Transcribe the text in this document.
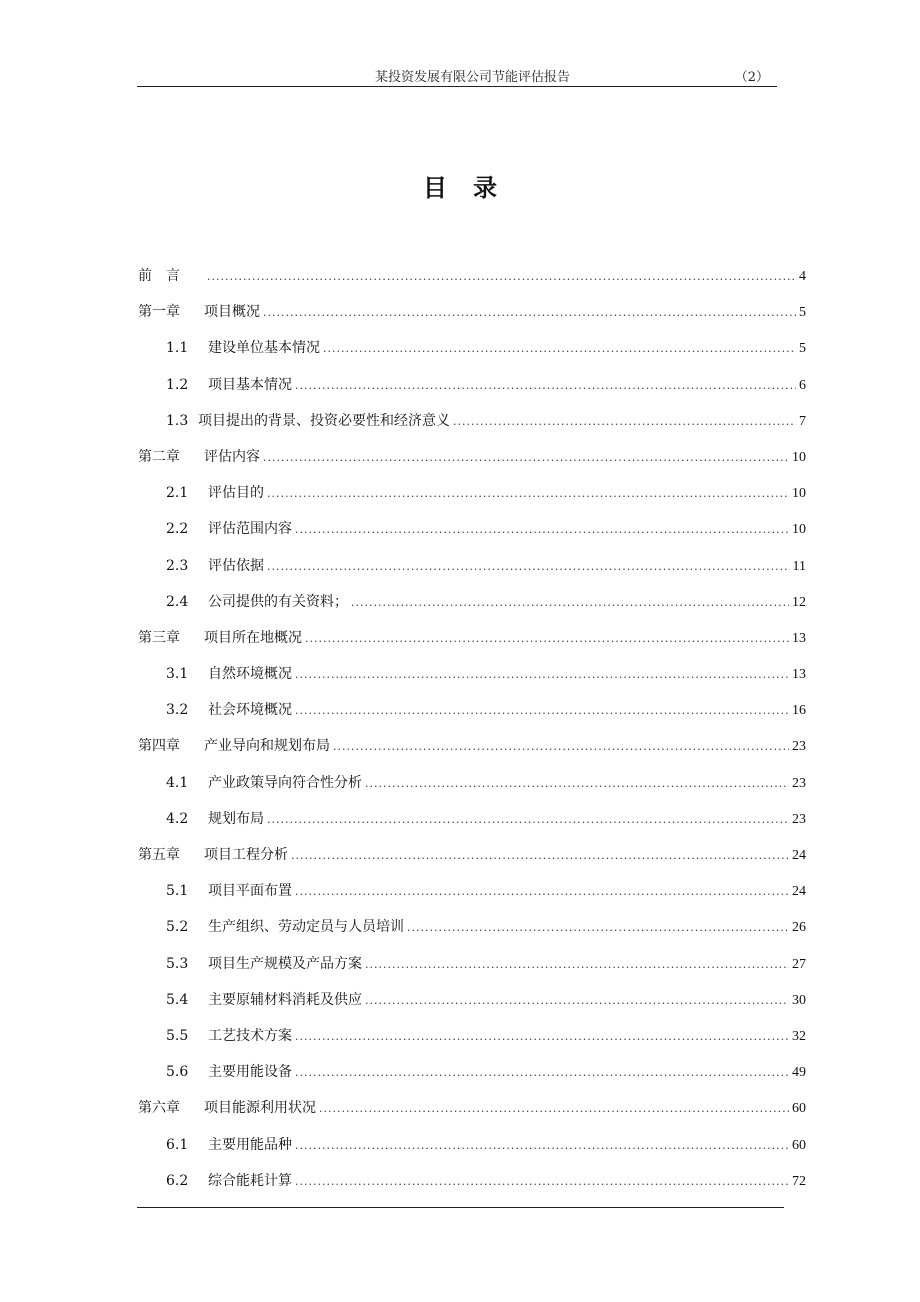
某投资发展有限公司节能评估报告	（2）
目录
前　言 .....	4
第一章	项目概况 .....	5
1.1	建设单位基本情况 .....	5
1.2	项目基本情况 .....	6
1.3 项目提出的背景、投资必要性和经济意义 .....	7
第二章	评估内容 .....	10
2.1	评估目的 .....	10
2.2	评估范围内容 .....	10
2.3	评估依据 .....	11
2.4	公司提供的有关资料； .....	12
第三章	项目所在地概况 .....	13
3.1	自然环境概况 .....	13
3.2	社会环境概况 .....	16
第四章	产业导向和规划布局 .....	23
4.1	产业政策导向符合性分析 .....	23
4.2	规划布局 .....	23
第五章	项目工程分析 .....	24
5.1	项目平面布置 .....	24
5.2	生产组织、劳动定员与人员培训 .....	26
5.3	项目生产规模及产品方案 .....	27
5.4	主要原辅材料消耗及供应 .....	30
5.5	工艺技术方案 .....	32
5.6	主要用能设备 .....	49
第六章	项目能源利用状况 .....	60
6.1	主要用能品种 .....	60
6.2	综合能耗计算 .....	72
